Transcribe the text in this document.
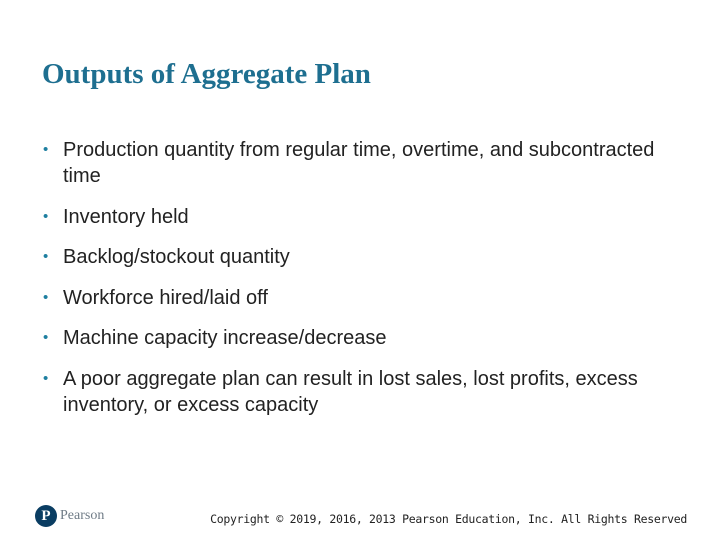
Outputs of Aggregate Plan
• Production quantity from regular time, overtime, and subcontracted time
• Inventory held
• Backlog/stockout quantity
• Workforce hired/laid off
• Machine capacity increase/decrease
• A poor aggregate plan can result in lost sales, lost profits, excess inventory, or excess capacity
P Pearson	Copyright © 2019, 2016, 2013 Pearson Education, Inc. All Rights Reserved
